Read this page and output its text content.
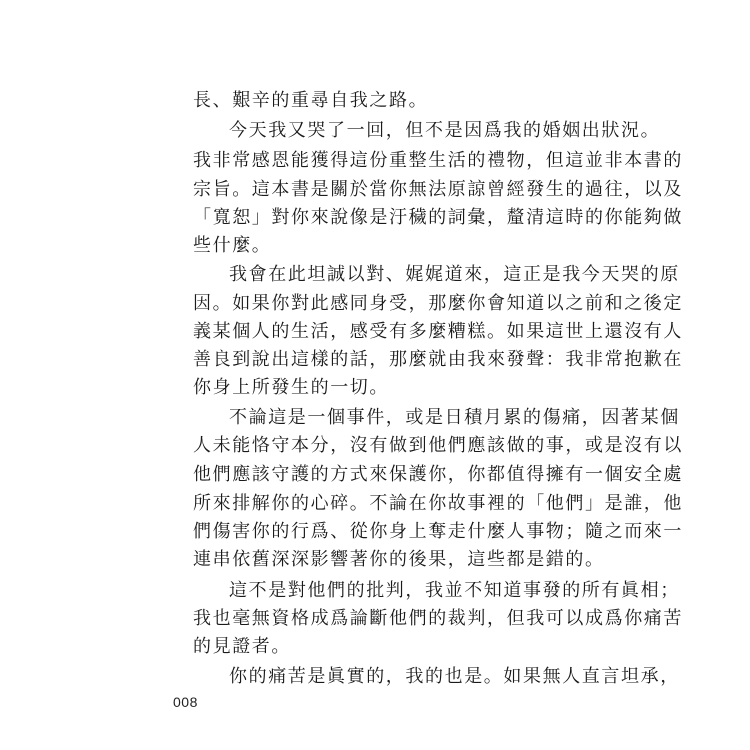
長、艱辛的重尋自我之路。
今天我又哭了一回，但不是因爲我的婚姻出狀況。
我非常感恩能獲得這份重整生活的禮物，但這並非本書的
宗旨。這本書是關於當你無法原諒曾經發生的過往，以及
「寬恕」對你來說像是汙穢的詞彙，釐清這時的你能夠做
些什麼。
我會在此坦誠以對、娓娓道來，這正是我今天哭的原
因。如果你對此感同身受，那麼你會知道以之前和之後定
義某個人的生活，感受有多麼糟糕。如果這世上還沒有人
善良到說出這樣的話，那麼就由我來發聲：我非常抱歉在
你身上所發生的一切。
不論這是一個事件，或是日積月累的傷痛，因著某個
人未能恪守本分，沒有做到他們應該做的事，或是沒有以
他們應該守護的方式來保護你，你都值得擁有一個安全處
所來排解你的心碎。不論在你故事裡的「他們」是誰，他
們傷害你的行爲、從你身上奪走什麼人事物；隨之而來一
連串依舊深深影響著你的後果，這些都是錯的。
這不是對他們的批判，我並不知道事發的所有眞相；
我也毫無資格成爲論斷他們的裁判，但我可以成爲你痛苦
的見證者。
你的痛苦是眞實的，我的也是。如果無人直言坦承，
008
